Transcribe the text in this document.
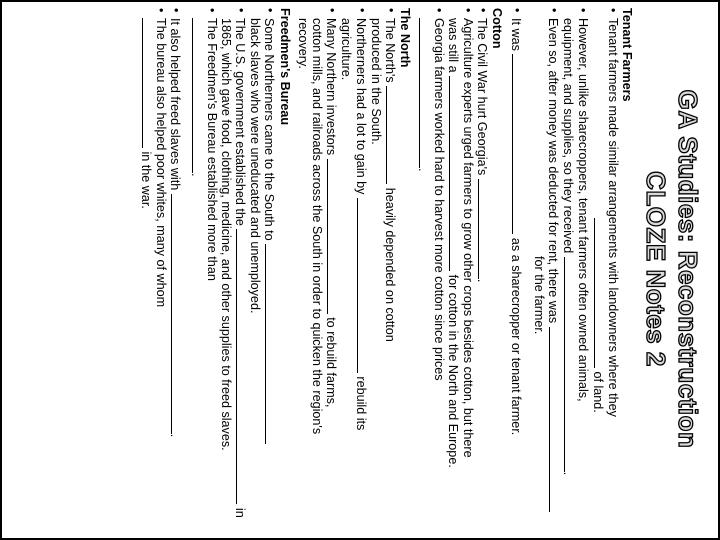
GA Studies: Reconstruction

CLOZE Notes 2

Tenant Farmers
•
Tenant farmers made similar arrangements with landowners where they
of land.
•
However, unlike sharecroppers, tenant farmers often owned animals,
equipment, and supplies, so they received .
•
Even so, after money was deducted for rent, there was
for the farmer.
•
It was  as a sharecropper or tenant farmer.
Cotton
•
The Civil War hurt Georgia's .
•
Agriculture experts urged farmers to grow other crops besides cotton, but there
was still a  for cotton in the North and Europe.
•
Georgia farmers worked hard to harvest more cotton since prices
.
The North
•
The North's  heavily depended on cotton
produced in the South.
•
Northerners had a lot to gain by  rebuild its
agriculture.
•
Many Northern investors  to rebuild farms,
cotton mills, and railroads across the South in order to quicken the region's
recovery.
Freedmen's Bureau
•
Some Northerners came to the South to
black slaves who were uneducated and unemployed.
•
The U.S. government established the  in
1865, which gave food, clothing, medicine, and other supplies to freed slaves.
•
The Freedmen's Bureau established more than
.
•
It also helped freed slaves with .
•
The bureau also helped poor whites, many of whom
in the war.
